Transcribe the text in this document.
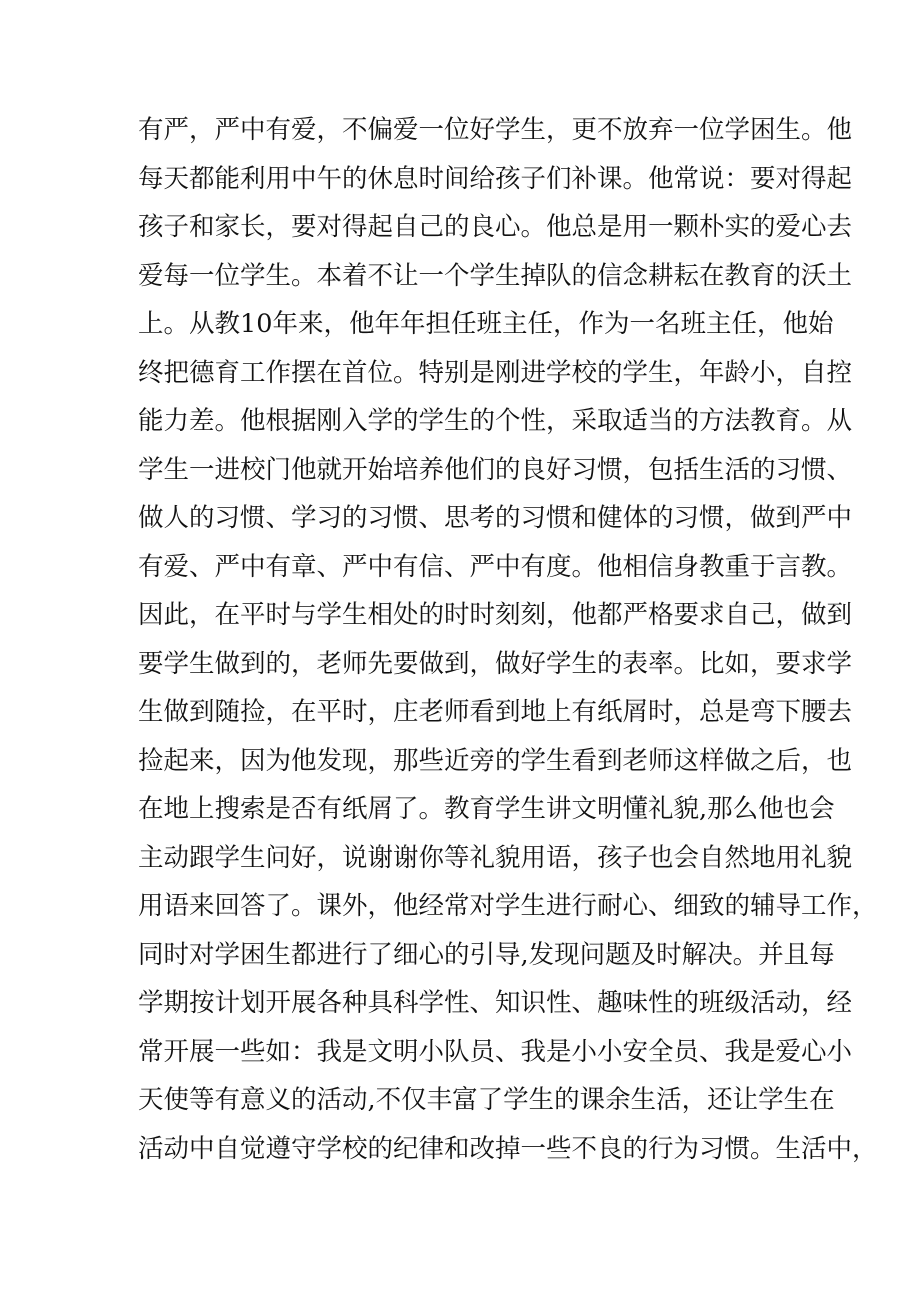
有严，严中有爱，不偏爱一位好学生，更不放弃一位学困生。他
每天都能利用中午的休息时间给孩子们补课。他常说：要对得起
孩子和家长，要对得起自己的良心。他总是用一颗朴实的爱心去
爱每一位学生。本着不让一个学生掉队的信念耕耘在教育的沃土
上。从教10年来，他年年担任班主任，作为一名班主任，他始
终把德育工作摆在首位。特别是刚进学校的学生，年龄小，自控
能力差。他根据刚入学的学生的个性，采取适当的方法教育。从
学生一进校门他就开始培养他们的良好习惯，包括生活的习惯、
做人的习惯、学习的习惯、思考的习惯和健体的习惯，做到严中
有爱、严中有章、严中有信、严中有度。他相信身教重于言教。
因此，在平时与学生相处的时时刻刻，他都严格要求自己，做到
要学生做到的，老师先要做到，做好学生的表率。比如，要求学
生做到随捡，在平时，庄老师看到地上有纸屑时，总是弯下腰去
捡起来，因为他发现，那些近旁的学生看到老师这样做之后，也
在地上搜索是否有纸屑了。教育学生讲文明懂礼貌,那么他也会
主动跟学生问好，说谢谢你等礼貌用语，孩子也会自然地用礼貌
用语来回答了。课外，他经常对学生进行耐心、细致的辅导工作，
同时对学困生都进行了细心的引导,发现问题及时解决。并且每
学期按计划开展各种具科学性、知识性、趣味性的班级活动，经
常开展一些如：我是文明小队员、我是小小安全员、我是爱心小
天使等有意义的活动,不仅丰富了学生的课余生活，还让学生在
活动中自觉遵守学校的纪律和改掉一些不良的行为习惯。生活中，
